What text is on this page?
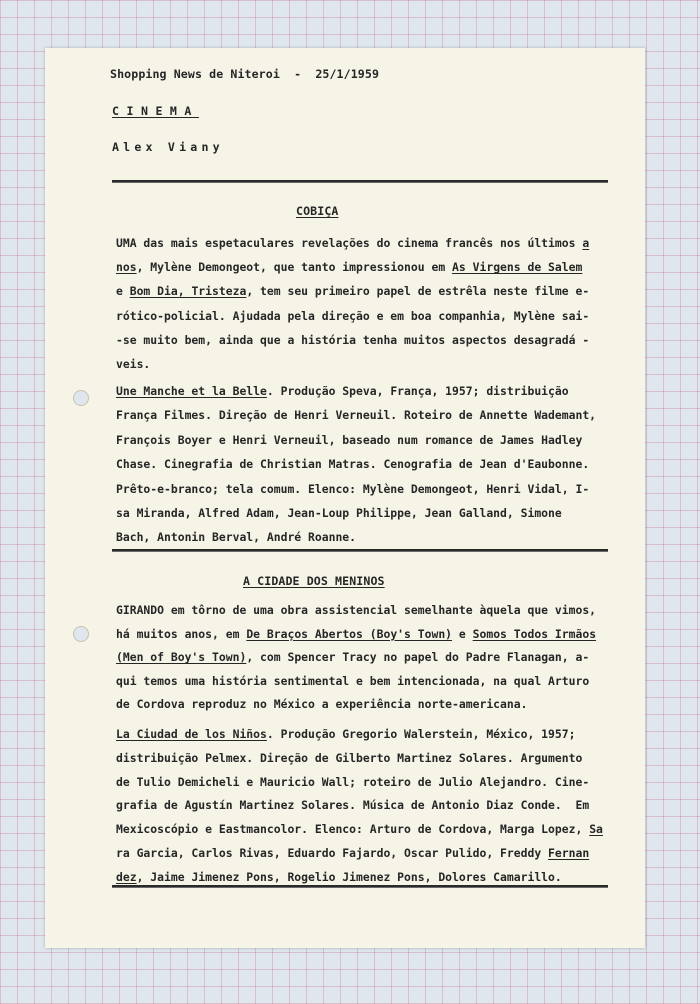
Shopping News de Niteroi  -  25/1/1959
CINEMA
Alex Viany
COBIÇA
UMA das mais espetaculares revelações do cinema francês nos últimos a
nos, Mylène Demongeot, que tanto impressionou em As Virgens de Salem
e Bom Dia, Tristeza, tem seu primeiro papel de estrêla neste filme e-
rótico-policial. Ajudada pela direção e em boa companhia, Mylène sai-
-se muito bem, ainda que a história tenha muitos aspectos desagradá -
veis.
Une Manche et la Belle. Produção Speva, França, 1957; distribuição
França Filmes. Direção de Henri Verneuil. Roteiro de Annette Wademant,
François Boyer e Henri Verneuil, baseado num romance de James Hadley
Chase. Cinegrafia de Christian Matras. Cenografia de Jean d'Eaubonne.
Prêto-e-branco; tela comum. Elenco: Mylène Demongeot, Henri Vidal, I-
sa Miranda, Alfred Adam, Jean-Loup Philippe, Jean Galland, Simone
Bach, Antonin Berval, André Roanne.
A CIDADE DOS MENINOS
GIRANDO em tôrno de uma obra assistencial semelhante àquela que vimos,
há muitos anos, em De Braços Abertos (Boy's Town) e Somos Todos Irmãos
(Men of Boy's Town), com Spencer Tracy no papel do Padre Flanagan, a-
qui temos uma história sentimental e bem intencionada, na qual Arturo
de Cordova reproduz no México a experiência norte-americana.
La Ciudad de los Niños. Produção Gregorio Walerstein, México, 1957;
distribuição Pelmex. Direção de Gilberto Martinez Solares. Argumento
de Tulio Demicheli e Mauricio Wall; roteiro de Julio Alejandro. Cine-
grafia de Agustín Martinez Solares. Música de Antonio Diaz Conde.  Em
Mexicoscópio e Eastmancolor. Elenco: Arturo de Cordova, Marga Lopez, Sa
ra Garcia, Carlos Rivas, Eduardo Fajardo, Oscar Pulido, Freddy Fernan
dez, Jaime Jimenez Pons, Rogelio Jimenez Pons, Dolores Camarillo.
